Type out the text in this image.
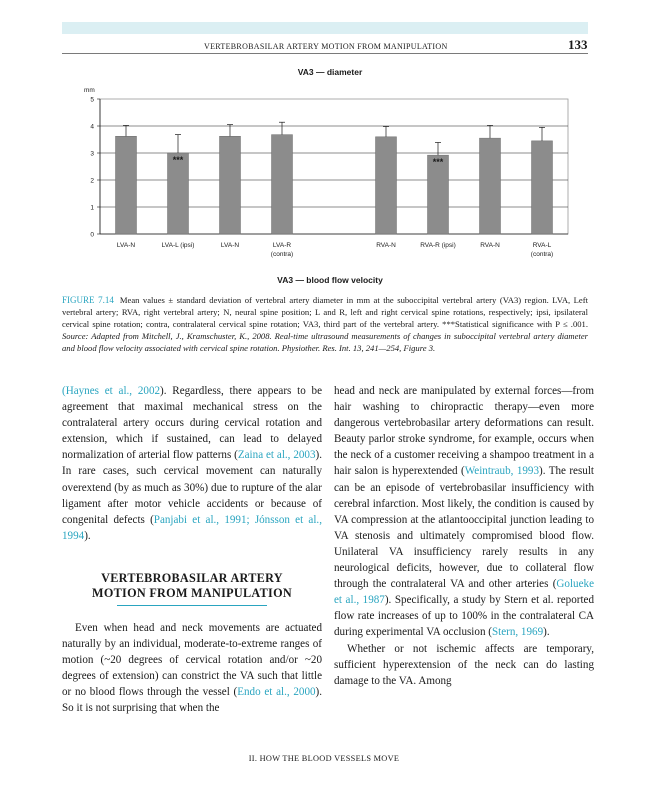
VERTEBROBASILAR ARTERY MOTION FROM MANIPULATION	133
VA3 — diameter
mm
0
1
2
3
4
5
LVA-N
***
LVA-L (ipsi)	LVA-N	LVA-R
(contra)
RVA-N
***
RVA-R (ipsi)	RVA-N	RVA-L
(contra)
VA3 — blood flow velocity
FIGURE 7.14 Mean values ± standard deviation of vertebral artery diameter in mm at the suboccipital vertebral artery (VA3) region. LVA, Left vertebral artery; RVA, right vertebral artery; N, neural spine position; L and R, left and right cervical spine rotations, respectively; ipsi, ipsilateral cervical spine rotation; contra, contralateral cervical spine rotation; VA3, third part of the vertebral artery. ***Statistical significance with P ≤ .001. Source: Adapted from Mitchell, J., Kramschuster, K., 2008. Real-time ultrasound measurements of changes in suboccipital vertebral artery diameter and blood flow velocity associated with cervical spine rotation. Physiother. Res. Int. 13, 241—254, Figure 3.

(Haynes et al., 2002). Regardless, there appears to be agreement that maximal mechanical stress on the contralateral artery occurs during cervical rotation and extension, which if sustained, can lead to delayed normalization of arterial flow patterns (Zaina et al., 2003). In rare cases, such cervical movement can naturally overextend (by as much as 30%) due to rupture of the alar ligament after motor vehicle accidents or because of congenital defects (Panjabi et al., 1991; Jónsson et al., 1994).

VERTEBROBASILAR ARTERY
MOTION FROM MANIPULATION

Even when head and neck movements are actuated naturally by an individual, moderate-to-extreme ranges of motion (~20 degrees of cervical rotation and/or ~20 degrees of extension) can constrict the VA such that little or no blood flows through the vessel (Endo et al., 2000). So it is not surprising that when the

head and neck are manipulated by external forces—from hair washing to chiropractic therapy—even more dangerous vertebrobasilar artery deformations can result. Beauty parlor stroke syndrome, for example, occurs when the neck of a customer receiving a shampoo treatment in a hair salon is hyperextended (Weintraub, 1993). The result can be an episode of vertebrobasilar insufficiency with cerebral infarction. Most likely, the condition is caused by VA compression at the atlantooccipital junction leading to VA stenosis and ultimately compromised blood flow. Unilateral VA insufficiency rarely results in any neurological deficits, however, due to collateral flow through the contralateral VA and other arteries (Golueke et al., 1987). Specifically, a study by Stern et al. reported flow rate increases of up to 100% in the contralateral CA during experimental VA occlusion (Stern, 1969).

Whether or not ischemic affects are temporary, sufficient hyperextension of the neck can do lasting damage to the VA. Among

II. HOW THE BLOOD VESSELS MOVE
